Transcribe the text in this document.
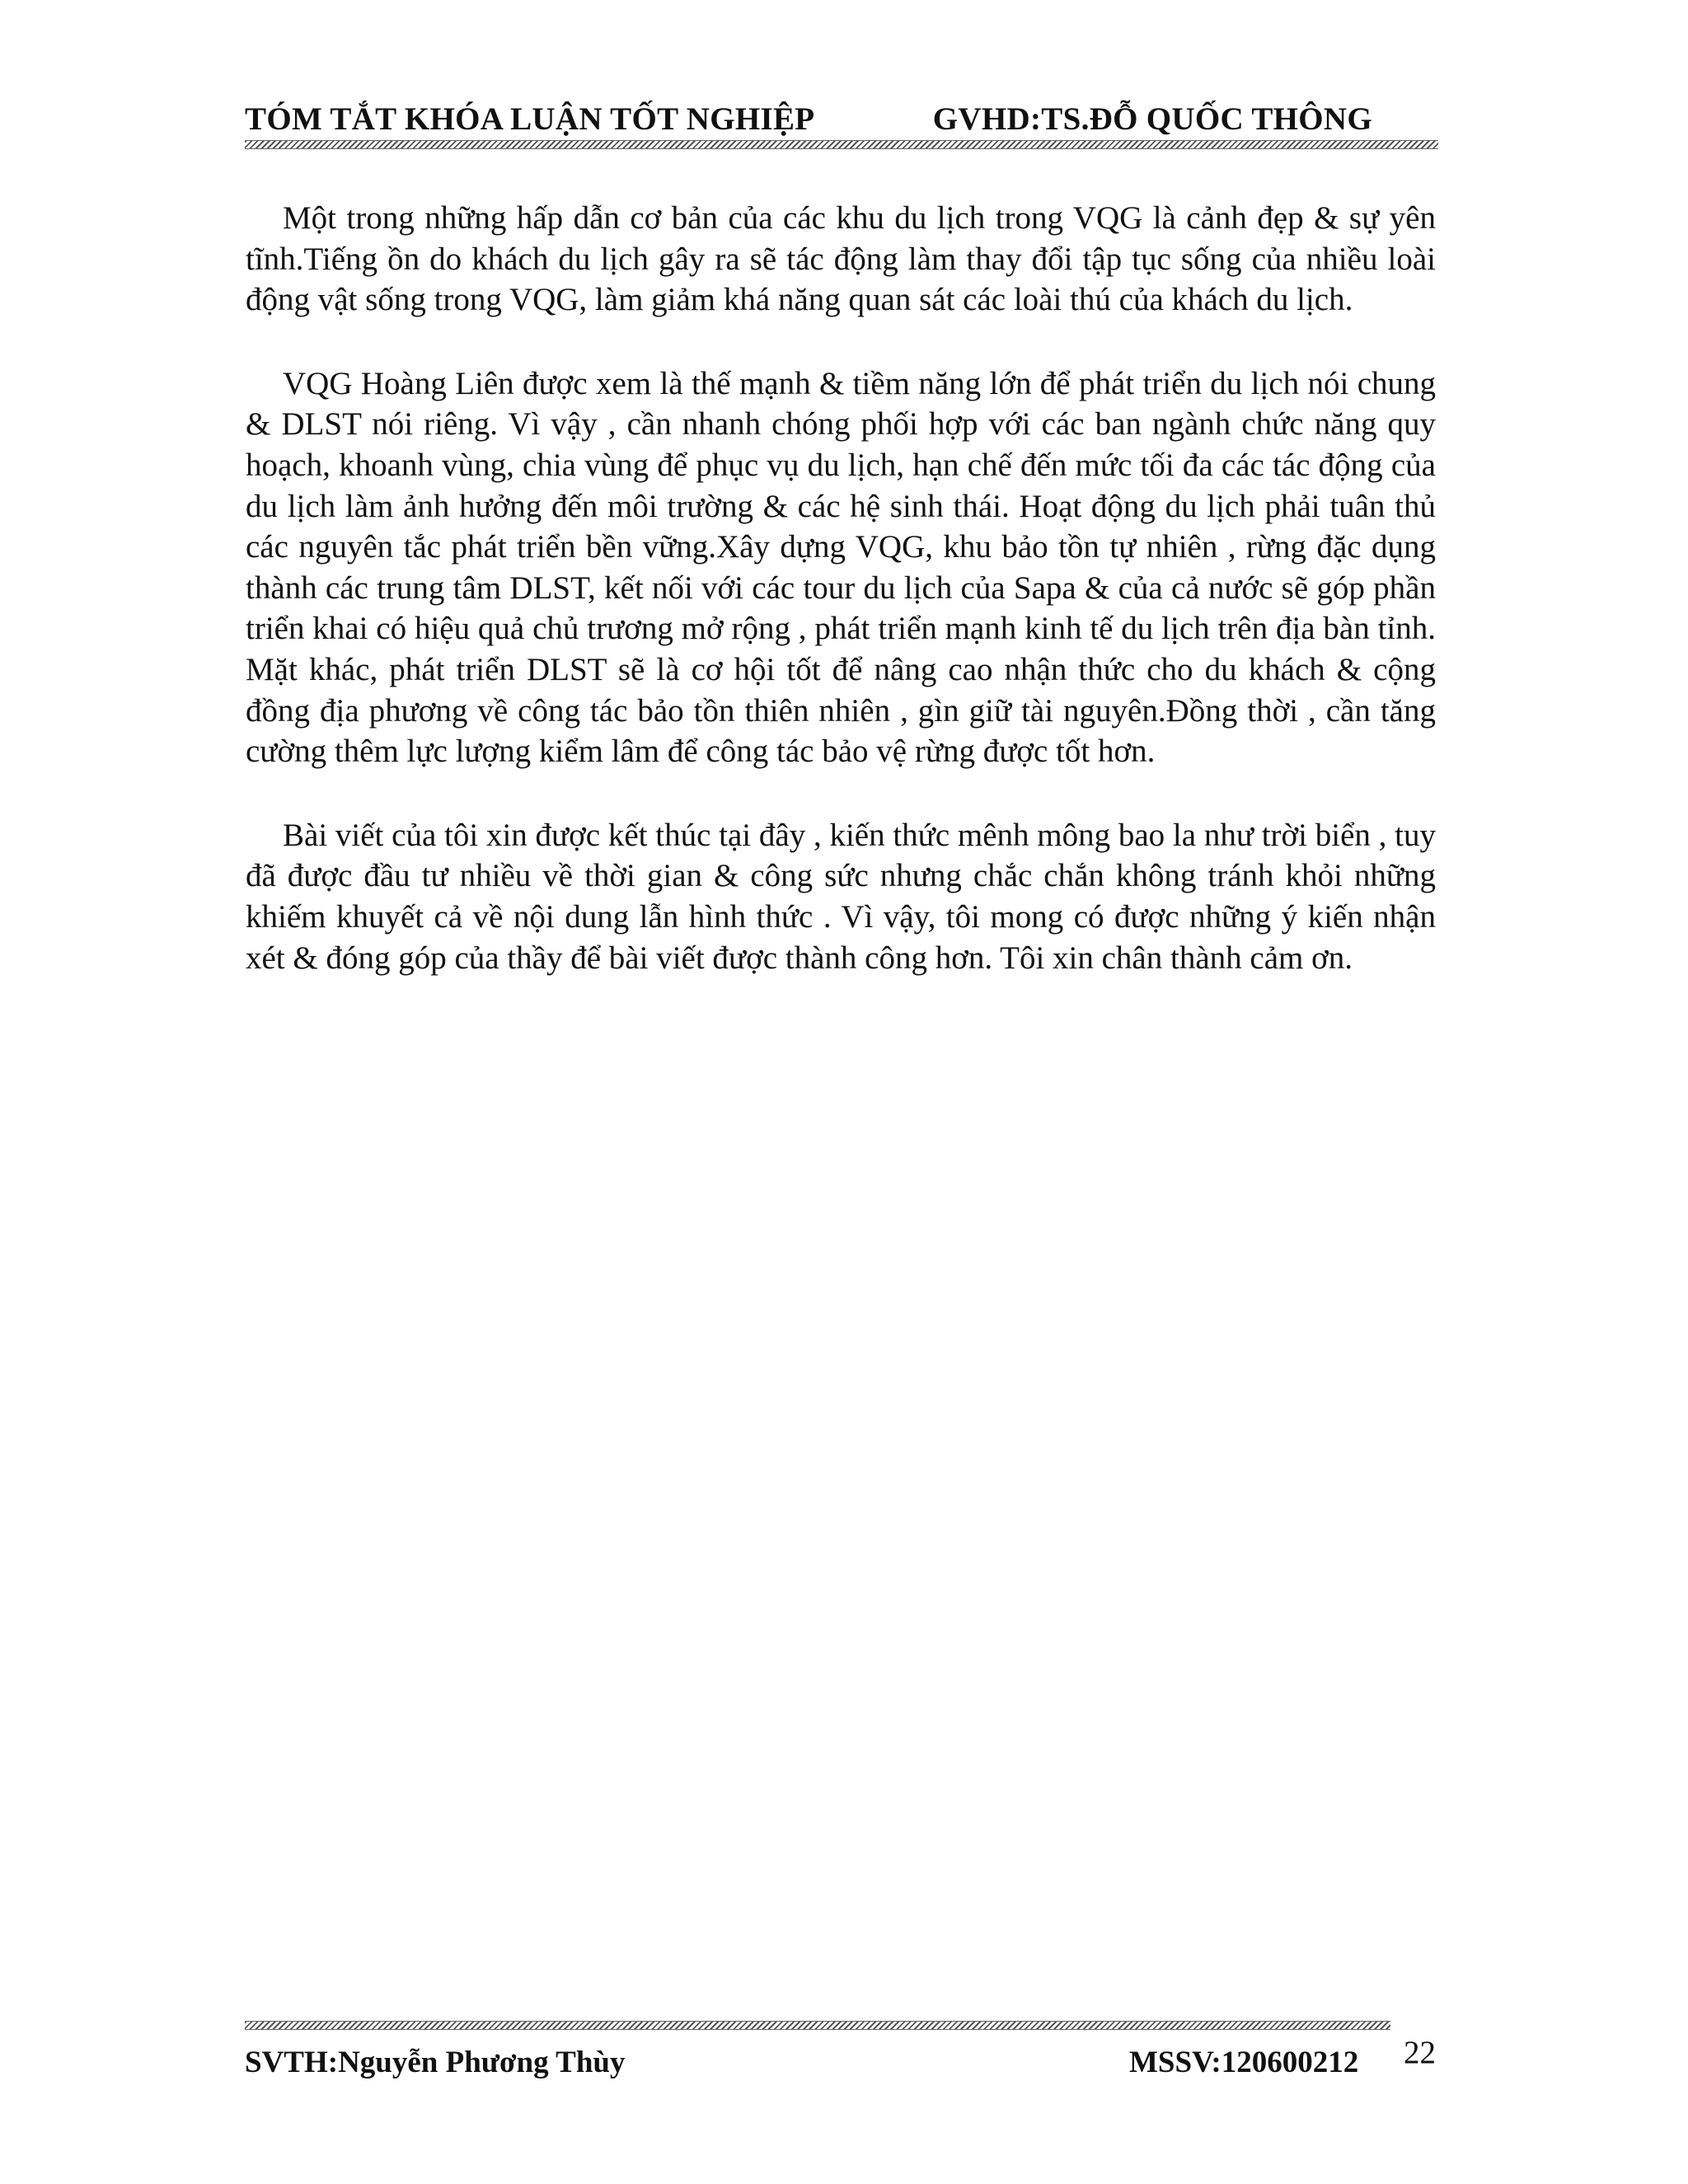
TÓM TẮT KHÓA LUẬN TỐT NGHIỆP	GVHD:TS.ĐỖ QUỐC THÔNG

Một trong những hấp dẫn cơ bản của các khu du lịch trong VQG là cảnh đẹp & sự yên tĩnh.Tiếng ồn do khách du lịch gây ra sẽ tác động làm thay đổi tập tục sống của nhiều loài động vật sống trong VQG, làm giảm khá năng quan sát các loài thú của khách du lịch.

VQG Hoàng Liên được xem là thế mạnh & tiềm năng lớn để phát triển du lịch nói chung & DLST nói riêng. Vì vậy , cần nhanh chóng phối hợp với các ban ngành chức năng quy hoạch, khoanh vùng, chia vùng để phục vụ du lịch, hạn chế đến mức tối đa các tác động của du lịch làm ảnh hưởng đến môi trường & các hệ sinh thái. Hoạt động du lịch phải tuân thủ các nguyên tắc phát triển bền vững.Xây dựng VQG, khu bảo tồn tự nhiên , rừng đặc dụng thành các trung tâm DLST, kết nối với các tour du lịch của Sapa & của cả nước sẽ góp phần triển khai có hiệu quả chủ trương mở rộng , phát triển mạnh kinh tế du lịch trên địa bàn tỉnh. Mặt khác, phát triển DLST sẽ là cơ hội tốt để nâng cao nhận thức cho du khách & cộng đồng địa phương về công tác bảo tồn thiên nhiên , gìn giữ tài nguyên.Đồng thời , cần tăng cường thêm lực lượng kiểm lâm để công tác bảo vệ rừng được tốt hơn.

Bài viết của tôi xin được kết thúc tại đây , kiến thức mênh mông bao la như trời biển , tuy đã được đầu tư nhiều về thời gian & công sức nhưng chắc chắn không tránh khỏi những khiếm khuyết cả về nội dung lẫn hình thức . Vì vậy, tôi mong có được những ý kiến nhận xét & đóng góp của thầy để bài viết được thành công hơn. Tôi xin chân thành cảm ơn.

SVTH:Nguyễn Phương Thùy	MSSV:120600212 22
